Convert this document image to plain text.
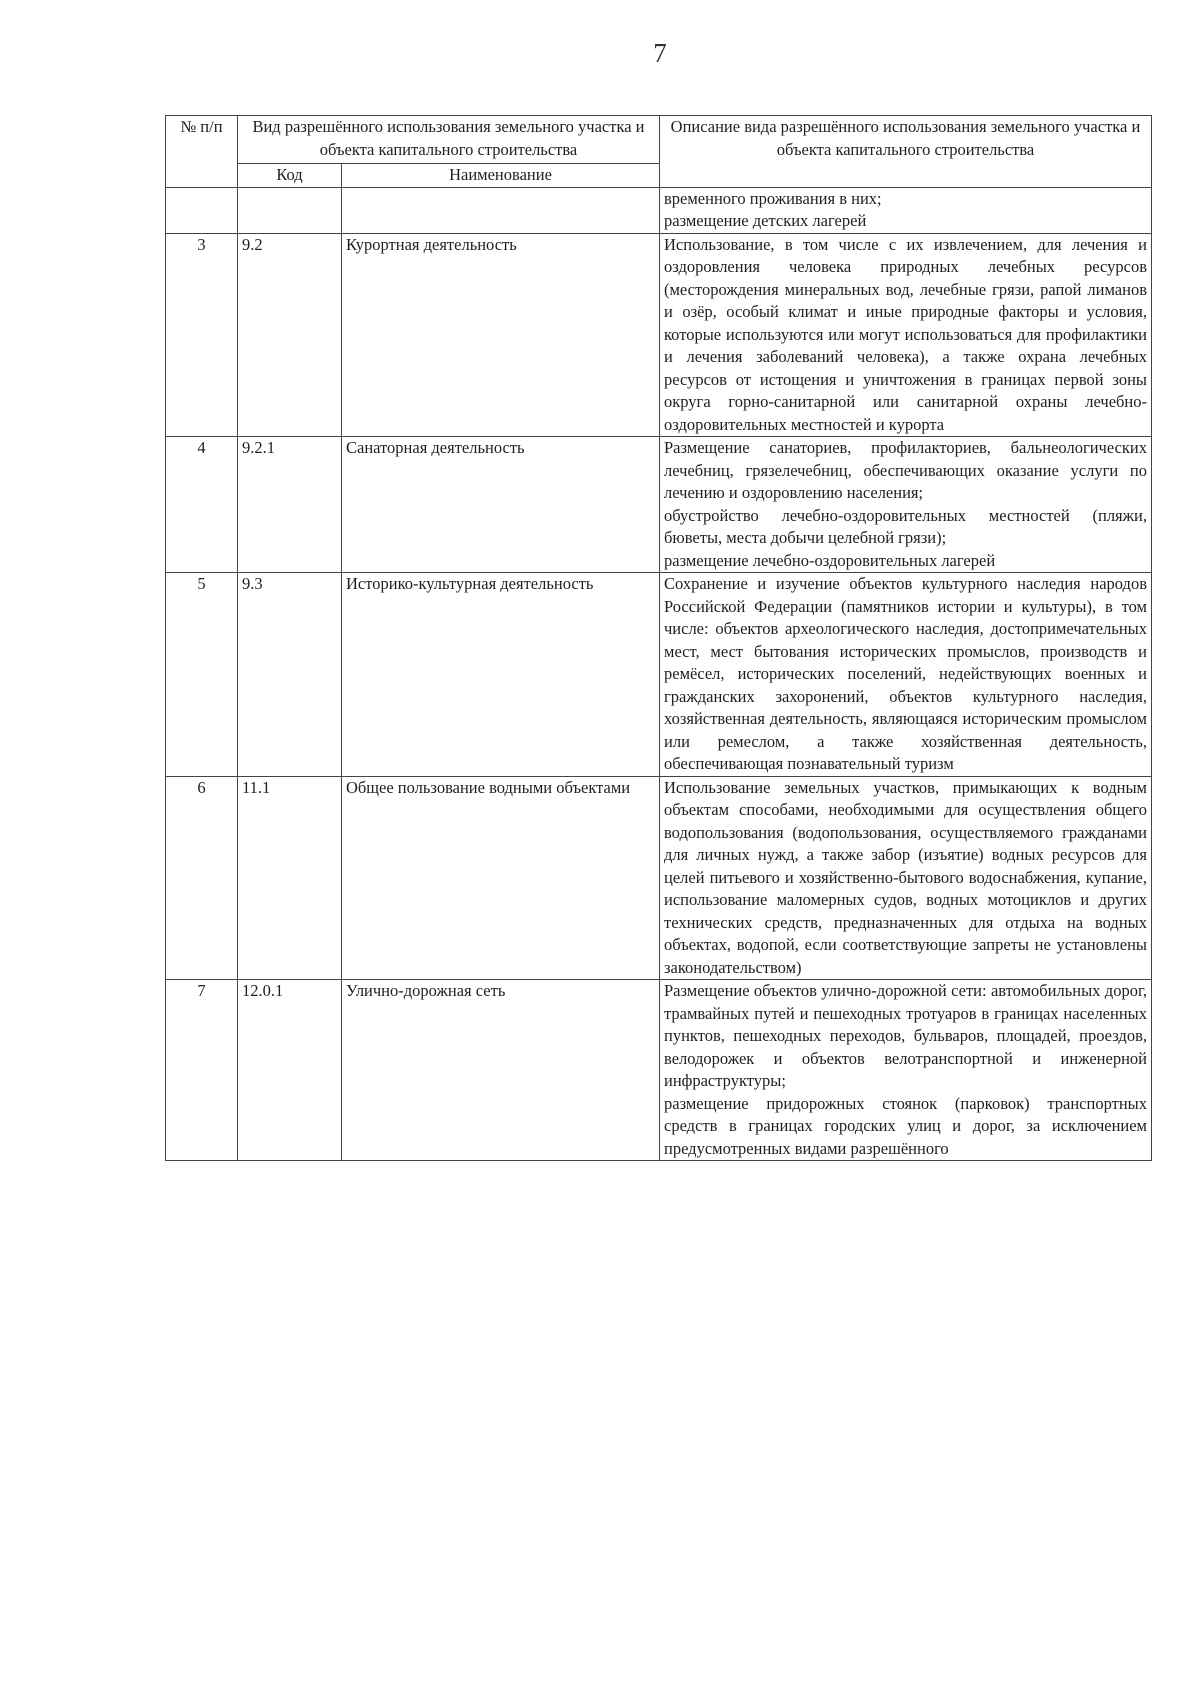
7
№ п/п	Вид разрешённого использования земельного участка и объекта капитального строительства		Описание вида разрешённого использования земельного участка и объекта капитального строительства
	Код	Наименование	

			временного проживания в них;

размещение детских лагерей

3	9.2	Курортная деятельность	Использование, в том числе с их извлечением, для лечения и оздоровления человека природных лечебных ресурсов (месторождения минеральных вод, лечебные грязи, рапой лиманов и озёр, особый климат и иные природные факторы и условия, которые используются или могут использоваться для профилактики и лечения заболеваний человека), а также охрана лечебных ресурсов от истощения и уничтожения в границах первой зоны округа горно-санитарной или санитарной охраны лечебно-оздоровительных местностей и курорта

4	9.2.1	Санаторная деятельность	Размещение санаториев, профилакториев, бальнеологических лечебниц, грязелечебниц, обеспечивающих оказание услуги по лечению и оздоровлению населения;

обустройство лечебно-оздоровительных местностей (пляжи, бюветы, места добычи целебной грязи);

размещение лечебно-оздоровительных лагерей

5	9.3	Историко-культурная деятельность	Сохранение и изучение объектов культурного наследия народов Российской Федерации (памятников истории и культуры), в том числе: объектов археологического наследия, достопримечательных мест, мест бытования исторических промыслов, производств и ремёсел, исторических поселений, недействующих военных и гражданских захоронений, объектов культурного наследия, хозяйственная деятельность, являющаяся историческим промыслом или ремеслом, а также хозяйственная деятельность, обеспечивающая познавательный туризм

6	11.1	Общее пользование водными объектами	Использование земельных участков, примыкающих к водным объектам способами, необходимыми для осуществления общего водопользования (водопользования, осуществляемого гражданами для личных нужд, а также забор (изъятие) водных ресурсов для целей питьевого и хозяйственно-бытового водоснабжения, купание, использование маломерных судов, водных мотоциклов и других технических средств, предназначенных для отдыха на водных объектах, водопой, если соответствующие запреты не установлены законодательством)

7	12.0.1	Улично-дорожная сеть	Размещение объектов улично-дорожной сети: автомобильных дорог, трамвайных путей и пешеходных тротуаров в границах населенных пунктов, пешеходных переходов, бульваров, площадей, проездов, велодорожек и объектов велотранспортной и инженерной инфраструктуры;

размещение придорожных стоянок (парковок) транспортных средств в границах городских улиц и дорог, за исключением предусмотренных видами разрешённого
